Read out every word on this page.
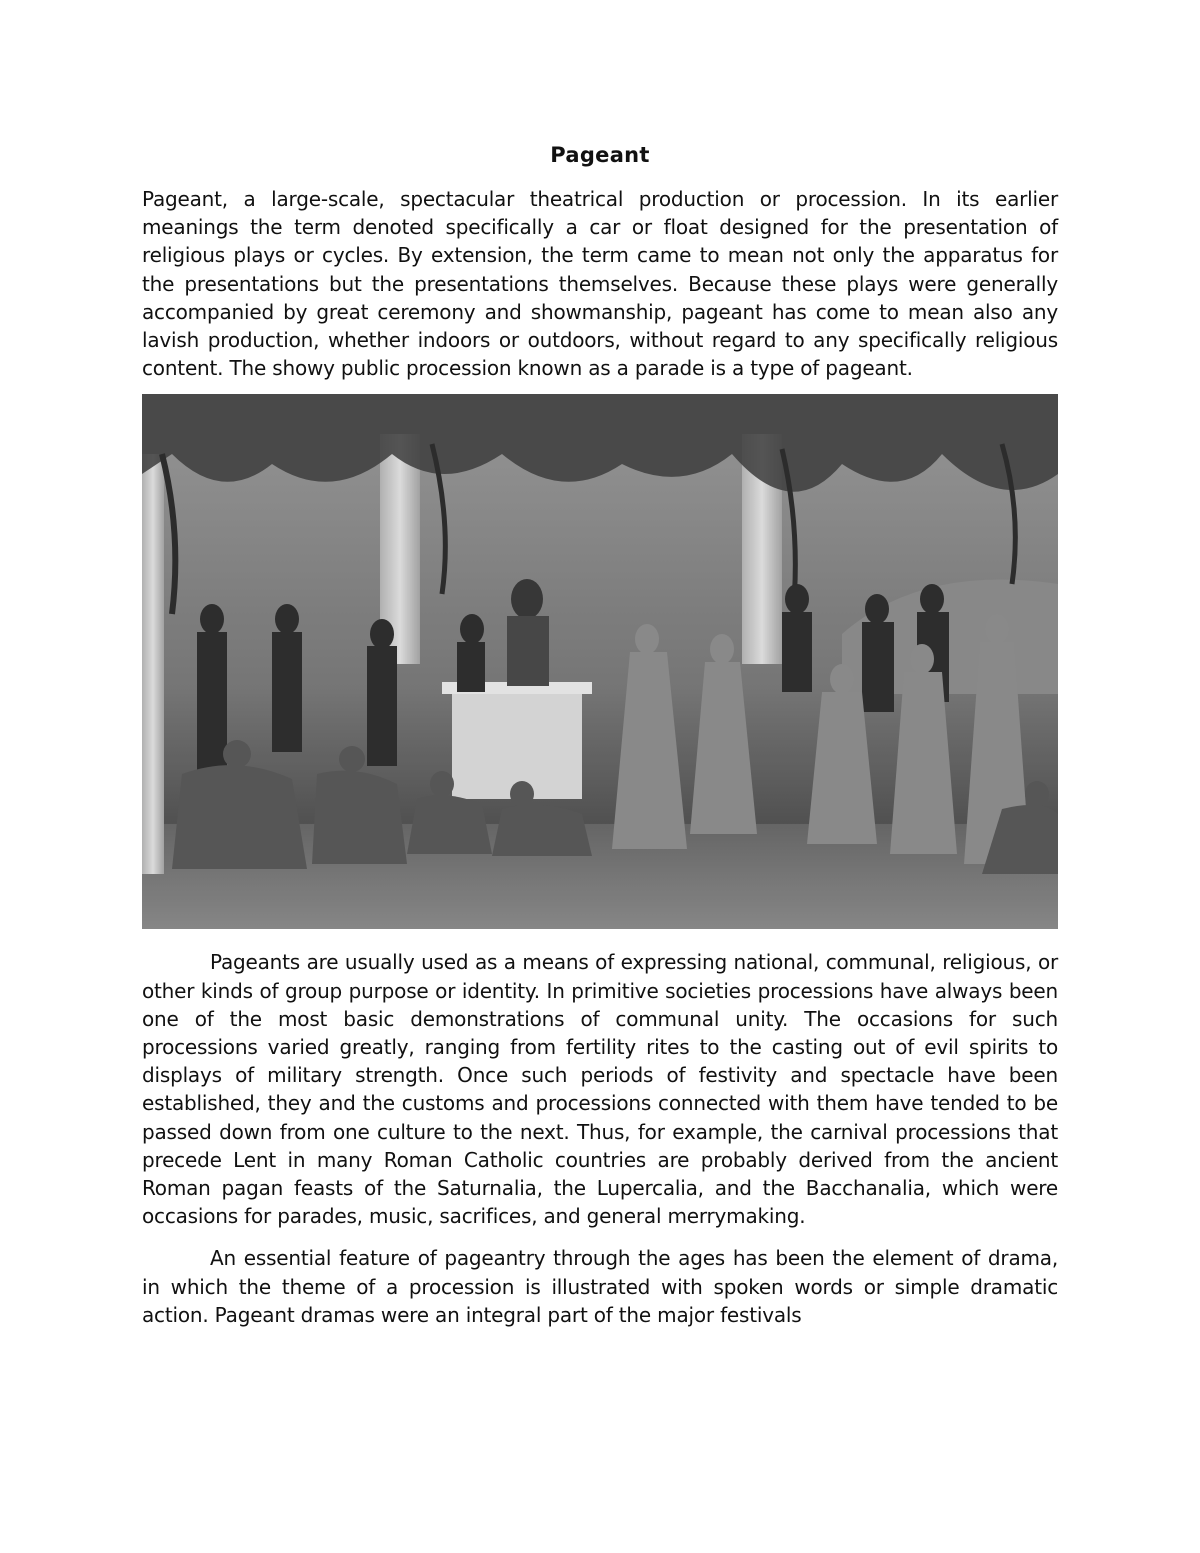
Pageant

Pageant, a large-scale, spectacular theatrical production or procession. In its earlier meanings the term denoted specifically a car or float designed for the presentation of religious plays or cycles. By extension, the term came to mean not only the apparatus for the presentations but the presentations themselves. Because these plays were generally accompanied by great ceremony and showmanship, pageant has come to mean also any lavish production, whether indoors or outdoors, without regard to any specifically religious content. The showy public procession known as a parade is a type of pageant.

Pageants are usually used as a means of expressing national, communal, religious, or other kinds of group purpose or identity. In primitive societies processions have always been one of the most basic demonstrations of communal unity. The occasions for such processions varied greatly, ranging from fertility rites to the casting out of evil spirits to displays of military strength. Once such periods of festivity and spectacle have been established, they and the customs and processions connected with them have tended to be passed down from one culture to the next. Thus, for example, the carnival processions that precede Lent in many Roman Catholic countries are probably derived from the ancient Roman pagan feasts of the Saturnalia, the Lupercalia, and the Bacchanalia, which were occasions for parades, music, sacrifices, and general merrymaking.

An essential feature of pageantry through the ages has been the element of drama, in which the theme of a procession is illustrated with spoken words or simple dramatic action. Pageant dramas were an integral part of the major festivals
